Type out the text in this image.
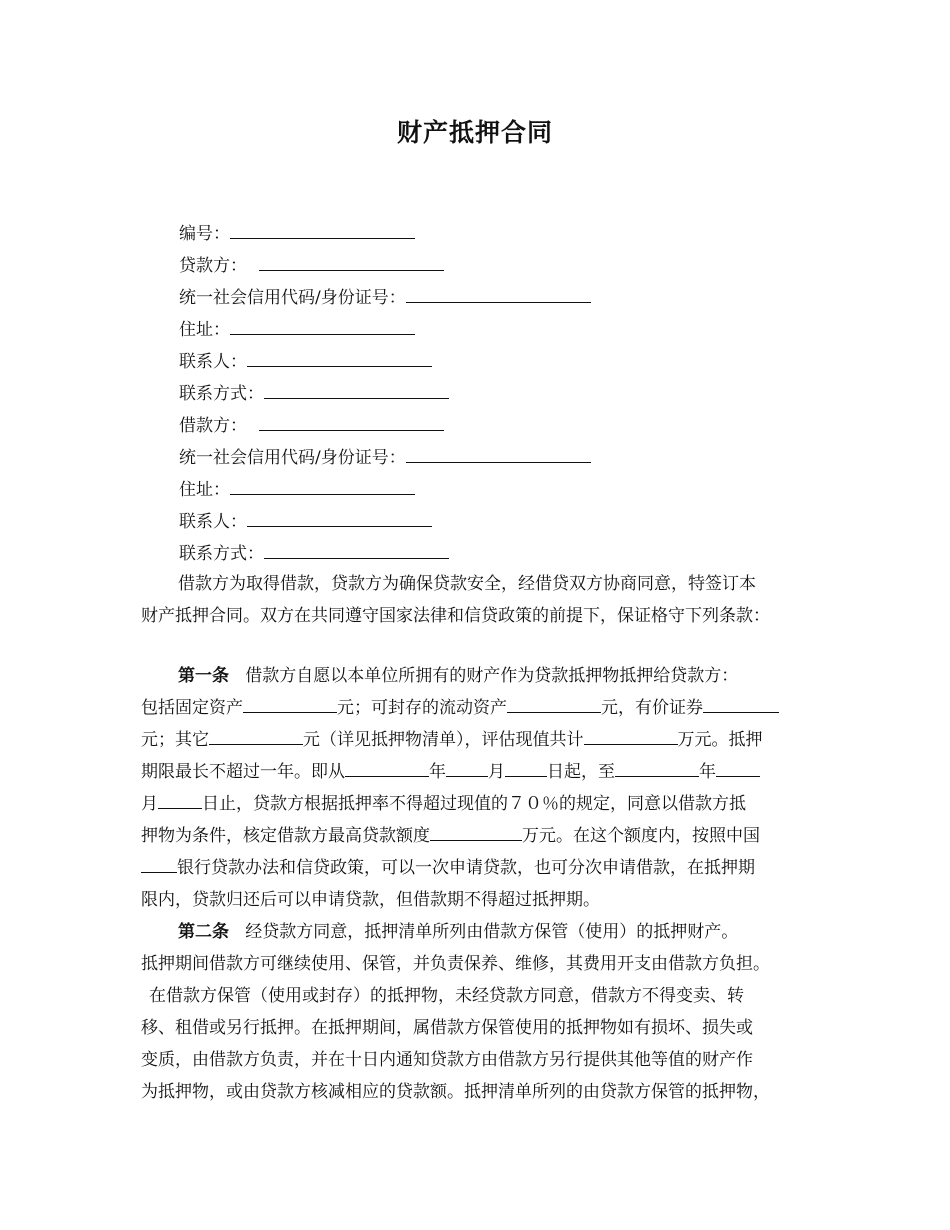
财产抵押合同
编号：
贷款方：
统一社会信用代码/身份证号：
住址：
联系人：
联系方式：
借款方：
统一社会信用代码/身份证号：
住址：
联系人：
联系方式：
借款方为取得借款，贷款方为确保贷款安全，经借贷双方协商同意，特签订本
财产抵押合同。双方在共同遵守国家法律和信贷政策的前提下，保证格守下列条款：
第一条 借款方自愿以本单位所拥有的财产作为贷款抵押物抵押给贷款方：
包括固定资产	元；可封存的流动资产	元，有价证券
元；其它	元（详见抵押物清单），评估现值共计	万元。抵押
期限最长不超过一年。即从	年 月 日起，至	年
月	日止，贷款方根据抵押率不得超过现值的７０％的规定，同意以借款方抵
押物为条件，核定借款方最高贷款额度	万元。在这个额度内，按照中国
银行贷款办法和信贷政策，可以一次申请贷款，也可分次申请借款，在抵押期
限内，贷款归还后可以申请贷款，但借款期不得超过抵押期。
第二条 经贷款方同意，抵押清单所列由借款方保管（使用）的抵押财产。
抵押期间借款方可继续使用、保管，并负责保养、维修，其费用开支由借款方负担。
在借款方保管（使用或封存）的抵押物，未经贷款方同意，借款方不得变卖、转
移、租借或另行抵押。在抵押期间，属借款方保管使用的抵押物如有损坏、损失或
变质，由借款方负责，并在十日内通知贷款方由借款方另行提供其他等值的财产作
为抵押物，或由贷款方核减相应的贷款额。抵押清单所列的由贷款方保管的抵押物，
